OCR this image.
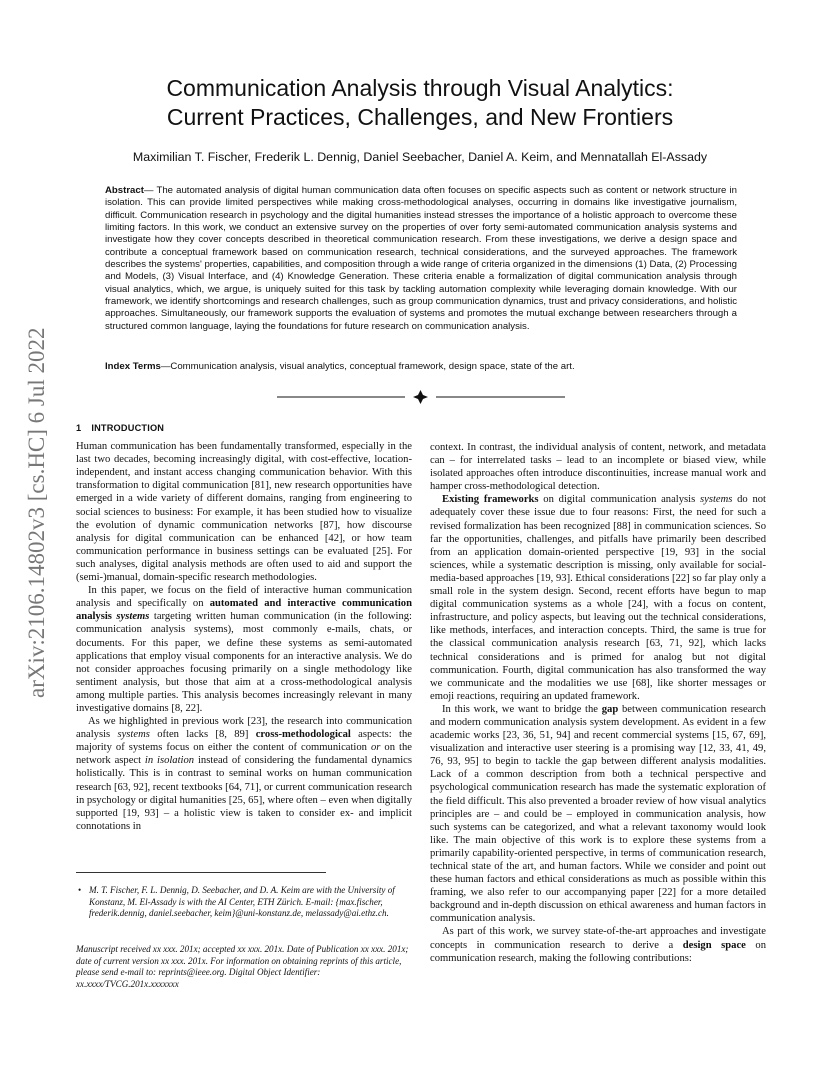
arXiv:2106.14802v3 [cs.HC] 6 Jul 2022
Communication Analysis through Visual Analytics:
Current Practices, Challenges, and New Frontiers
Maximilian T. Fischer, Frederik L. Dennig, Daniel Seebacher, Daniel A. Keim, and Mennatallah El-Assady
Abstract— The automated analysis of digital human communication data often focuses on specific aspects such as content or network structure in isolation. This can provide limited perspectives while making cross-methodological analyses, occurring in domains like investigative journalism, difficult. Communication research in psychology and the digital humanities instead stresses the importance of a holistic approach to overcome these limiting factors. In this work, we conduct an extensive survey on the properties of over forty semi-automated communication analysis systems and investigate how they cover concepts described in theoretical communication research. From these investigations, we derive a design space and contribute a conceptual framework based on communication research, technical considerations, and the surveyed approaches. The framework describes the systems' properties, capabilities, and composition through a wide range of criteria organized in the dimensions (1) Data, (2) Processing and Models, (3) Visual Interface, and (4) Knowledge Generation. These criteria enable a formalization of digital communication analysis through visual analytics, which, we argue, is uniquely suited for this task by tackling automation complexity while leveraging domain knowledge. With our framework, we identify shortcomings and research challenges, such as group communication dynamics, trust and privacy considerations, and holistic approaches. Simultaneously, our framework supports the evaluation of systems and promotes the mutual exchange between researchers through a structured common language, laying the foundations for future research on communication analysis.
Index Terms—Communication analysis, visual analytics, conceptual framework, design space, state of the art.
1 INTRODUCTION

Human communication has been fundamentally transformed, especially in the last two decades, becoming increasingly digital, with cost-effective, location-independent, and instant access changing communication behavior. With this transformation to digital communication [81], new research opportunities have emerged in a wide variety of different domains, ranging from engineering to social sciences to business: For example, it has been studied how to visualize the evolution of dynamic communication networks [87], how discourse analysis for digital communication can be enhanced [42], or how team communication performance in business settings can be evaluated [25]. For such analyses, digital analysis methods are often used to aid and support the (semi-)manual, domain-specific research methodologies.

In this paper, we focus on the field of interactive human communication analysis and specifically on automated and interactive communication analysis systems targeting written human communication (in the following: communication analysis systems), most commonly e-mails, chats, or documents. For this paper, we define these systems as semi-automated applications that employ visual components for an interactive analysis. We do not consider approaches focusing primarily on a single methodology like sentiment analysis, but those that aim at a cross-methodological analysis among multiple parties. This analysis becomes increasingly relevant in many investigative domains [8, 22].

As we highlighted in previous work [23], the research into communication analysis systems often lacks [8, 89] cross-methodological aspects: the majority of systems focus on either the content of communication or on the network aspect in isolation instead of considering the fundamental dynamics holistically. This is in contrast to seminal works on human communication research [63, 92], recent textbooks [64, 71], or current communication research in psychology or digital humanities [25, 65], where often – even when digitally supported [19, 93] – a holistic view is taken to consider ex- and implicit connotations in

context. In contrast, the individual analysis of content, network, and metadata can – for interrelated tasks – lead to an incomplete or biased view, while isolated approaches often introduce discontinuities, increase manual work and hamper cross-methodological detection.

Existing frameworks on digital communication analysis systems do not adequately cover these issue due to four reasons: First, the need for such a revised formalization has been recognized [88] in communication sciences. So far the opportunities, challenges, and pitfalls have primarily been described from an application domain-oriented perspective [19, 93] in the social sciences, while a systematic description is missing, only available for social-media-based approaches [19, 93]. Ethical considerations [22] so far play only a small role in the system design. Second, recent efforts have begun to map digital communication systems as a whole [24], with a focus on content, infrastructure, and policy aspects, but leaving out the technical considerations, like methods, interfaces, and interaction concepts. Third, the same is true for the classical communication analysis research [63, 71, 92], which lacks technical considerations and is primed for analog but not digital communication. Fourth, digital communication has also transformed the way we communicate and the modalities we use [68], like shorter messages or emoji reactions, requiring an updated framework.

In this work, we want to bridge the gap between communication research and modern communication analysis system development. As evident in a few academic works [23, 36, 51, 94] and recent commercial systems [15, 67, 69], visualization and interactive user steering is a promising way [12, 33, 41, 49, 76, 93, 95] to begin to tackle the gap between different analysis modalities. Lack of a common description from both a technical perspective and psychological communication research has made the systematic exploration of the field difficult. This also prevented a broader review of how visual analytics principles are – and could be – employed in communication analysis, how such systems can be categorized, and what a relevant taxonomy would look like. The main objective of this work is to explore these systems from a primarily capability-oriented perspective, in terms of communication research, technical state of the art, and human factors. While we consider and point out these human factors and ethical considerations as much as possible within this framing, we also refer to our accompanying paper [22] for a more detailed background and in-depth discussion on ethical awareness and human factors in communication analysis.

As part of this work, we survey state-of-the-art approaches and investigate concepts in communication research to derive a design space on communication research, making the following contributions:

• M. T. Fischer, F. L. Dennig, D. Seebacher, and D. A. Keim are with the University of Konstanz, M. El-Assady is with the AI Center, ETH Zürich. E-mail: {max.fischer, frederik.dennig, daniel.seebacher, keim}@uni-konstanz.de, melassady@ai.ethz.ch.
Manuscript received xx xxx. 201x; accepted xx xxx. 201x. Date of Publication xx xxx. 201x; date of current version xx xxx. 201x. For information on obtaining reprints of this article, please send e-mail to: reprints@ieee.org. Digital Object Identifier: xx.xxxx/TVCG.201x.xxxxxxx
